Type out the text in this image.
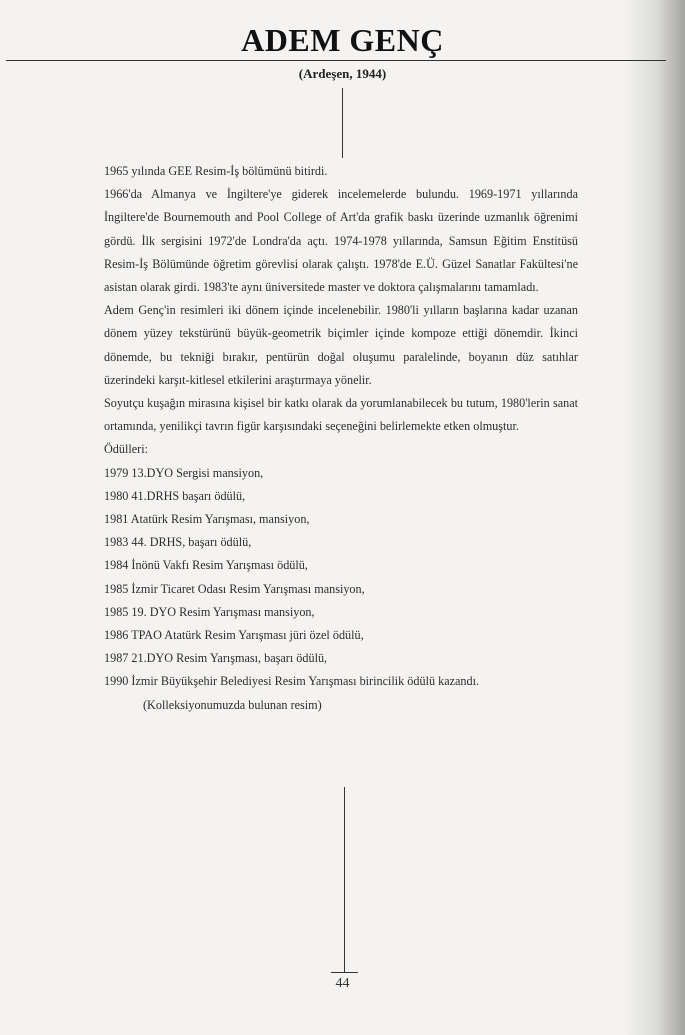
ADEM GENÇ
(Ardeşen, 1944)

1965 yılında GEE Resim-İş bölümünü bitirdi.

1966'da Almanya ve İngiltere'ye giderek incelemelerde bulundu. 1969-1971 yıllarında İngiltere'de Bournemouth and Pool College of Art'da grafik baskı üzerinde uzmanlık öğrenimi gördü. İlk sergisini 1972'de Londra'da açtı. 1974-1978 yıllarında, Samsun Eğitim Enstitüsü Resim-İş Bölümünde öğretim görevlisi olarak çalıştı. 1978'de E.Ü. Güzel Sanatlar Fakültesi'ne asistan olarak girdi. 1983'te aynı üniversitede master ve doktora çalışmalarını tamamladı.

Adem Genç'in resimleri iki dönem içinde incelenebilir. 1980'li yılların başlarına kadar uzanan dönem yüzey tekstürünü büyük-geometrik biçimler içinde kompoze ettiği dönemdir. İkinci dönemde, bu tekniği bırakır, pentürün doğal oluşumu paralelinde, boyanın düz satıhlar üzerindeki karşıt-kitlesel etkilerini araştırmaya yönelir.

Soyutçu kuşağın mirasına kişisel bir katkı olarak da yorumlanabilecek bu tutum, 1980'lerin sanat ortamında, yenilikçi tavrın figür karşısındaki seçeneğini belirlemekte etken olmuştur.

Ödülleri:

1979 13.DYO Sergisi mansiyon,
1980 41.DRHS başarı ödülü,
1981 Atatürk Resim Yarışması, mansiyon,
1983 44. DRHS, başarı ödülü,
1984 İnönü Vakfı Resim Yarışması ödülü,
1985 İzmir Ticaret Odası Resim Yarışması mansiyon,
1985 19. DYO Resim Yarışması mansiyon,
1986 TPAO Atatürk Resim Yarışması jüri özel ödülü,
1987 21.DYO Resim Yarışması, başarı ödülü,
1990 İzmir Büyükşehir Belediyesi Resim Yarışması birincilik ödülü kazandı.

(Kolleksiyonumuzda bulunan resim)

44
